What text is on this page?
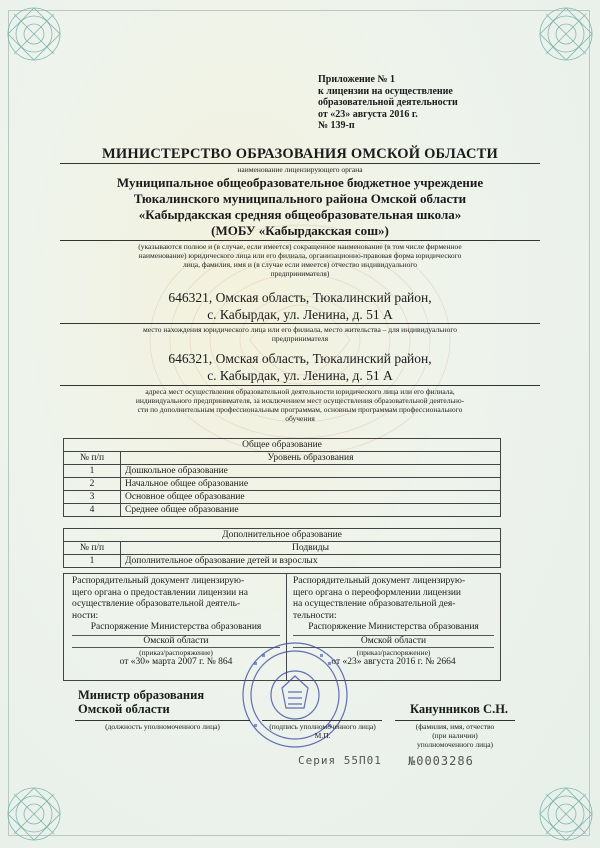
Приложение № 1
к лицензии на осуществление
образовательной деятельности
от «23» августа 2016 г.
№ 139-п
МИНИСТЕРСТВО ОБРАЗОВАНИЯ ОМСКОЙ ОБЛАСТИ
наименование лицензирующего органа
Муниципальное общеобразовательное бюджетное учреждение
Тюкалинского муниципального района Омской области
«Кабырдакская средняя общеобразовательная школа»
(МОБУ «Кабырдакская сош»)
(указываются полное и (в случае, если имеется) сокращенное наименование (в том числе фирменное
наименование) юридического лица или его филиала, организационно-правовая форма юридического
лица, фамилия, имя и (в случае если имеется) отчество индивидуального
предпринимателя)
646321, Омская область, Тюкалинский район,
с. Кабырдак, ул. Ленина, д. 51 А
место нахождения юридического лица или его филиала, место жительства – для индивидуального
предпринимателя
646321, Омская область, Тюкалинский район,
с. Кабырдак, ул. Ленина, д. 51 А
адреса мест осуществления образовательной деятельности юридического лица или его филиала,
индивидуального предпринимателя, за исключением мест осуществления образовательной деятельно-
сти по дополнительным профессиональным программам, основным программам профессионального
обучения
Общее образование	
№ п/п	Уровень образования
1	Дошкольное образование
2	Начальное общее образование
3	Основное общее образование
4	Среднее общее образование
Дополнительное образование	
№ п/п	Подвиды
1	Дополнительное образование детей и взрослых
Распорядительный документ лицензирую-
щего органа о предоставлении лицензии на
осуществление образовательной деятель-
ности:
Распоряжение Министерства образования
Омской области
(приказ/распоряжение)
от «30» марта 2007 г. № 864
Распорядительный документ лицензирую-
щего органа о переоформлении лицензии
на осуществление образовательной дея-
тельности:
Распоряжение Министерства образования
Омской области
(приказ/распоряжение)
от «23» августа 2016 г. № 2664
Министр образования
Омской области
(должность уполномоченного лица)	(подпись уполномоченного лица)
М.П.
Канунников С.Н.
(фамилия, имя, отчество
(при наличии)
уполномоченного лица)
Серия 55П01 №0003286
